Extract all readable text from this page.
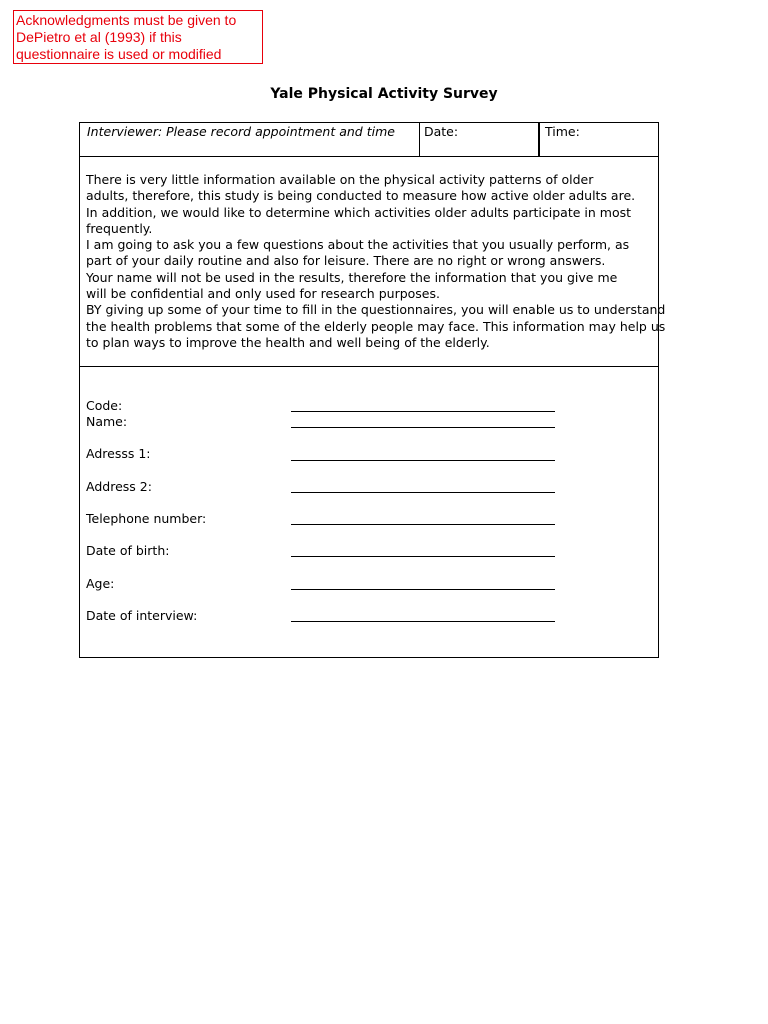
Acknowledgments must be given to
DePietro et al (1993) if this
questionnaire is used or modified
Yale Physical Activity Survey
Interviewer: Please record appointment and time	Date:	Time:
There is very little information available on the physical activity patterns of older
adults, therefore, this study is being conducted to measure how active older adults are.
In addition, we would like to determine which activities older adults participate in most
frequently.
I am going to ask you a few questions about the activities that you usually perform, as
part of your daily routine and also for leisure. There are no right or wrong answers.
Your name will not be used in the results, therefore the information that you give me
will be confidential and only used for research purposes.
BY giving up some of your time to fill in the questionnaires, you will enable us to understand
the health problems that some of the elderly people may face. This information may help us
to plan ways to improve the health and well being of the elderly.
Code:
Name:
Adresss 1:
Address 2:
Telephone number:
Date of birth:
Age:
Date of interview:
